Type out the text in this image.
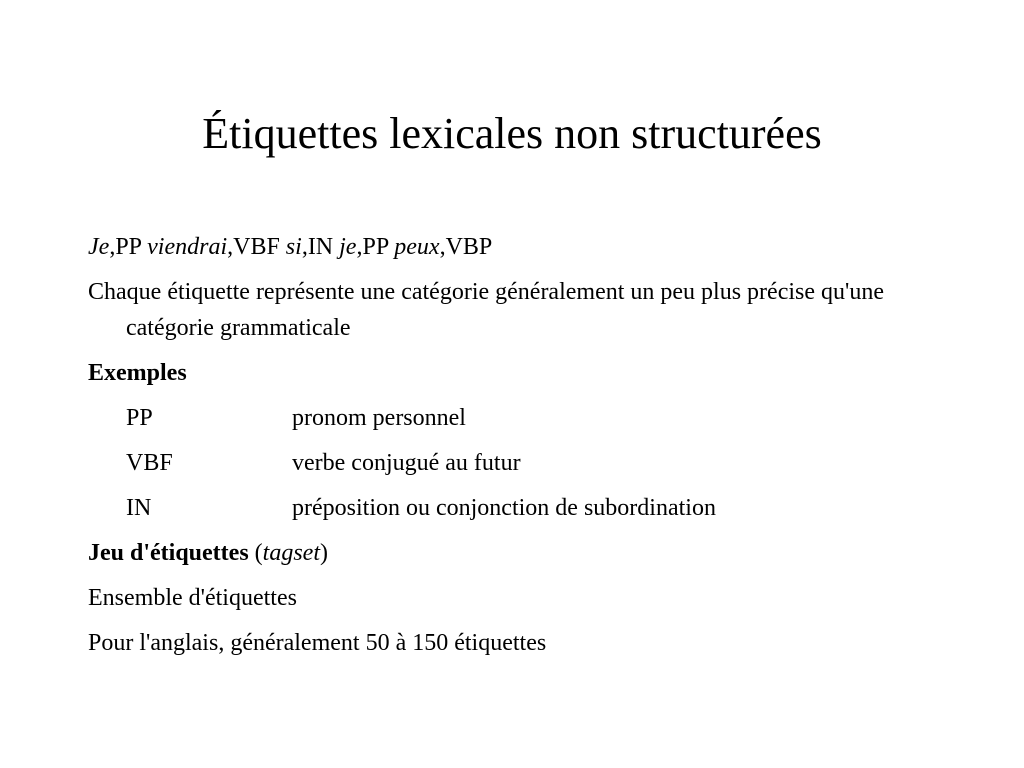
Étiquettes lexicales non structurées

Je,PP viendrai,VBF si,IN je,PP peux,VBP

Chaque étiquette représente une catégorie généralement un peu plus précise qu'une catégorie grammaticale

Exemples

PP	pronom personnel

VBF	verbe conjugué au futur

IN	préposition ou conjonction de subordination

Jeu d'étiquettes (tagset)

Ensemble d'étiquettes

Pour l'anglais, généralement 50 à 150 étiquettes
